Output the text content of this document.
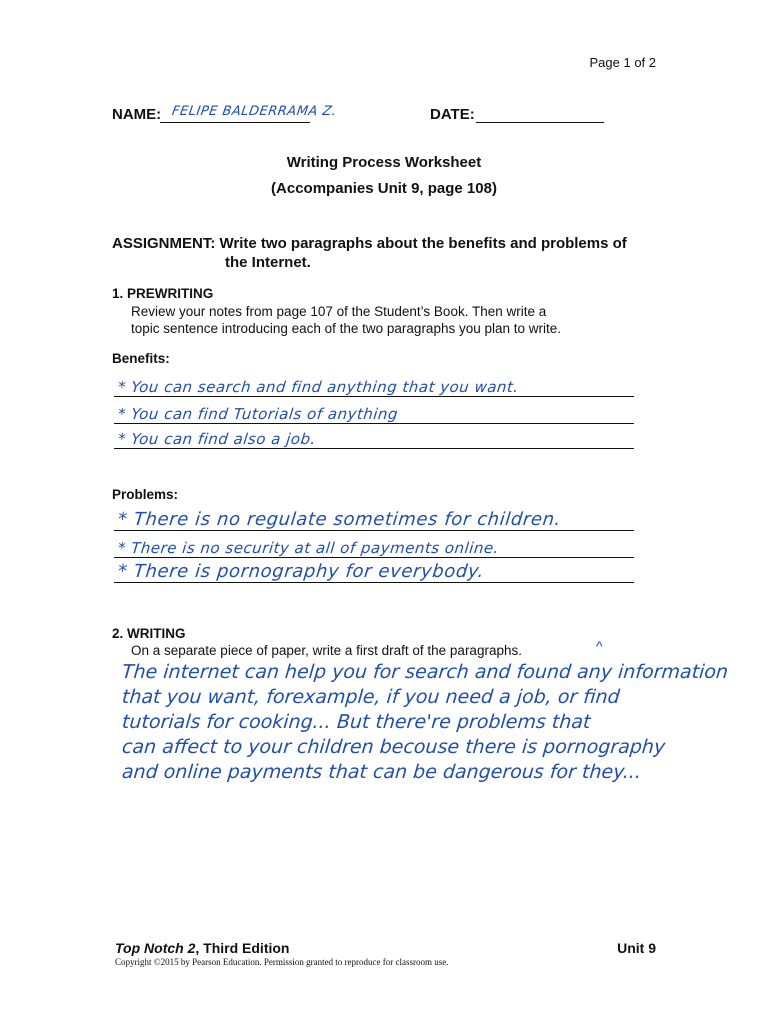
Page 1 of 2
NAME: FELIPE BALDERRAMA Z.	DATE:
Writing Process Worksheet
(Accompanies Unit 9, page 108)
ASSIGNMENT: Write two paragraphs about the benefits and problems of
the Internet.
1. PREWRITING
Review your notes from page 107 of the Student’s Book. Then write a
topic sentence introducing each of the two paragraphs you plan to write.
Benefits:
* You can search and find anything that you want.
* You can find Tutorials of anything
* You can find also a job.
Problems:
* There is no regulate sometimes for children.
* There is no security at all of payments online.
* There is pornography for everybody.
2. WRITING
On a separate piece of paper, write a first draft of the paragraphs.	^
The internet can help you for search and found any information
that you want, forexample, if you need a job, or find
tutorials for cooking... But there're problems that
can affect to your children becouse there is pornography
and online payments that can be dangerous for they...
Top Notch 2, Third Edition	Unit 9
Copyright ©2015 by Pearson Education. Permission granted to reproduce for classroom use.
